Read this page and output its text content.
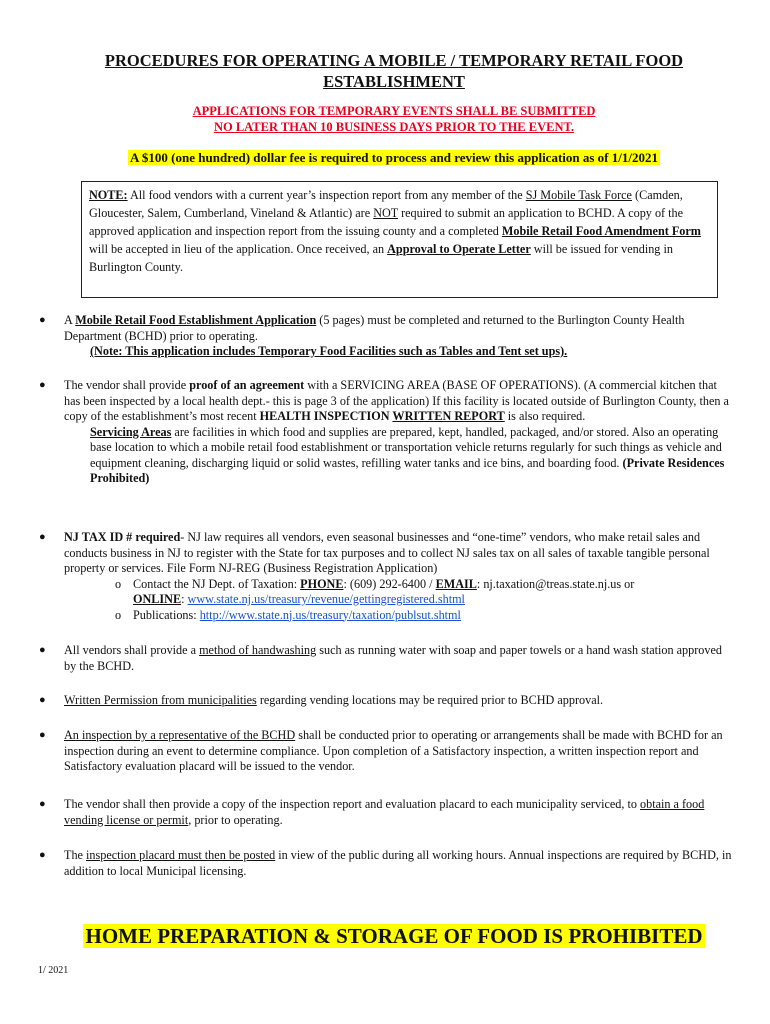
PROCEDURES FOR OPERATING A MOBILE / TEMPORARY RETAIL FOOD
ESTABLISHMENT
APPLICATIONS FOR TEMPORARY EVENTS SHALL BE SUBMITTED
NO LATER THAN 10 BUSINESS DAYS PRIOR TO THE EVENT.
A $100 (one hundred) dollar fee is required to process and review this application as of 1/1/2021
NOTE: All food vendors with a current year’s inspection report from any member of the SJ Mobile Task Force (Camden, Gloucester, Salem, Cumberland, Vineland & Atlantic) are NOT required to submit an application to BCHD. A copy of the approved application and inspection report from the issuing county and a completed Mobile Retail Food Amendment Form will be accepted in lieu of the application. Once received, an Approval to Operate Letter will be issued for vending in Burlington County.
● A Mobile Retail Food Establishment Application (5 pages) must be completed and returned to the Burlington County Health Department (BCHD) prior to operating.
(Note: This application includes Temporary Food Facilities such as Tables and Tent set ups).
● The vendor shall provide proof of an agreement with a SERVICING AREA (BASE OF OPERATIONS). (A commercial kitchen that has been inspected by a local health dept.- this is page 3 of the application) If this facility is located outside of Burlington County, then a copy of the establishment’s most recent HEALTH INSPECTION WRITTEN REPORT is also required.
Servicing Areas are facilities in which food and supplies are prepared, kept, handled, packaged, and/or stored. Also an operating base location to which a mobile retail food establishment or transportation vehicle returns regularly for such things as vehicle and equipment cleaning, discharging liquid or solid wastes, refilling water tanks and ice bins, and boarding food. (Private Residences Prohibited)
● NJ TAX ID # required- NJ law requires all vendors, even seasonal businesses and “one-time” vendors, who make retail sales and conducts business in NJ to register with the State for tax purposes and to collect NJ sales tax on all sales of taxable tangible personal property or services. File Form NJ-REG (Business Registration Application)
o Contact the NJ Dept. of Taxation: PHONE: (609) 292-6400 / EMAIL: nj.taxation@treas.state.nj.us or
ONLINE: www.state.nj.us/treasury/revenue/gettingregistered.shtml
o Publications: http://www.state.nj.us/treasury/taxation/publsut.shtml
● All vendors shall provide a method of handwashing such as running water with soap and paper towels or a hand wash station approved by the BCHD.
● Written Permission from municipalities regarding vending locations may be required prior to BCHD approval.
● An inspection by a representative of the BCHD shall be conducted prior to operating or arrangements shall be made with BCHD for an inspection during an event to determine compliance. Upon completion of a Satisfactory inspection, a written inspection report and Satisfactory evaluation placard will be issued to the vendor.
● The vendor shall then provide a copy of the inspection report and evaluation placard to each municipality serviced, to obtain a food vending license or permit, prior to operating.
● The inspection placard must then be posted in view of the public during all working hours. Annual inspections are required by BCHD, in addition to local Municipal licensing.
HOME PREPARATION & STORAGE OF FOOD IS PROHIBITED
1/ 2021
